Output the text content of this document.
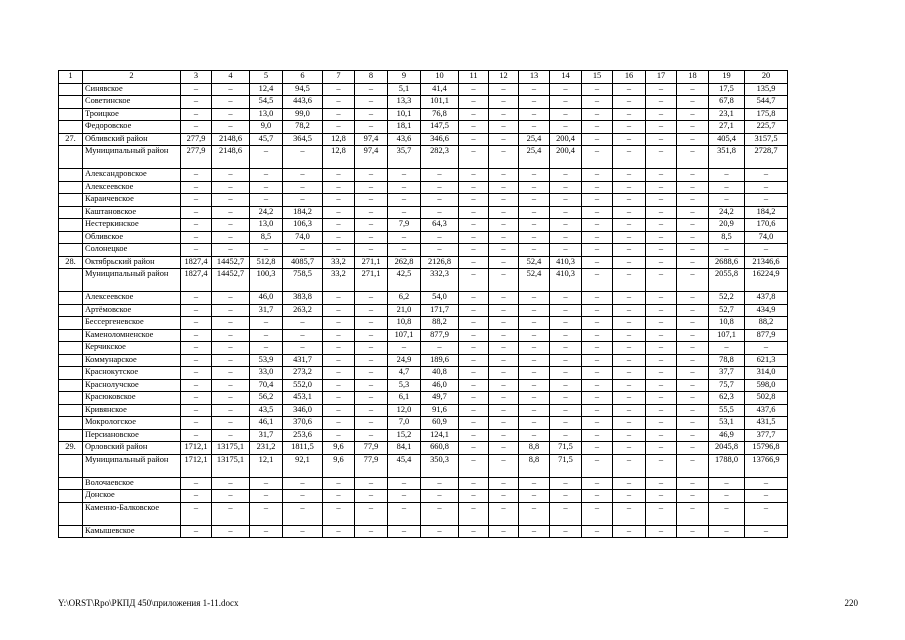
1	2	3	4	5	6	7	8	9	10	11	12	13	14	15	16	17	18	19	20
	Синявское	–	–	12,4	94,5	–	–	5,1	41,4	–	–	–	–	–	–	–	–	17,5	135,9
	Советинское	–	–	54,5	443,6	–	–	13,3	101,1	–	–	–	–	–	–	–	–	67,8	544,7
	Троицкое	–	–	13,0	99,0	–	–	10,1	76,8	–	–	–	–	–	–	–	–	23,1	175,8
	Федоровское	–	–	9,0	78,2	–	–	18,1	147,5	–	–	–	–	–	–	–	–	27,1	225,7
27.	Обливский район	277,9	2148,6	45,7	364,5	12,8	97,4	43,6	346,6	–	–	25,4	200,4	–	–	–	–	405,4	3157,5
	Муниципальный район	277,9	2148,6	–	–	12,8	97,4	35,7	282,3	–	–	25,4	200,4	–	–	–	–	351,8	2728,7
	Александровское	–	–	–	–	–	–	–	–	–	–	–	–	–	–	–	–	–	–
	Алексеевское	–	–	–	–	–	–	–	–	–	–	–	–	–	–	–	–	–	–
	Караичевское	–	–	–	–	–	–	–	–	–	–	–	–	–	–	–	–	–	–
	Каштановское	–	–	24,2	184,2	–	–	–	–	–	–	–	–	–	–	–	–	24,2	184,2
	Нестеркинское	–	–	13,0	106,3	–	–	7,9	64,3	–	–	–	–	–	–	–	–	20,9	170,6
	Обливское	–	–	8,5	74,0	–	–	–	–	–	–	–	–	–	–	–	–	8,5	74,0
	Солонецкое	–	–	–	–	–	–	–	–	–	–	–	–	–	–	–	–	–	–
28.	Октябрьский район	1827,4	14452,7	512,8	4085,7	33,2	271,1	262,8	2126,8	–	–	52,4	410,3	–	–	–	–	2688,6	21346,6
	Муниципальный район	1827,4	14452,7	100,3	758,5	33,2	271,1	42,5	332,3	–	–	52,4	410,3	–	–	–	–	2055,8	16224,9
	Алексеевское	–	–	46,0	383,8	–	–	6,2	54,0	–	–	–	–	–	–	–	–	52,2	437,8
	Артёмовское	–	–	31,7	263,2	–	–	21,0	171,7	–	–	–	–	–	–	–	–	52,7	434,9
	Бессергеневское	–	–	–	–	–	–	10,8	88,2	–	–	–	–	–	–	–	–	10,8	88,2
	Каменоломненское	–	–	–	–	–	–	107,1	877,9	–	–	–	–	–	–	–	–	107,1	877,9
	Керчикское	–	–	–	–	–	–	–	–	–	–	–	–	–	–	–	–	–	–
	Коммунарское	–	–	53,9	431,7	–	–	24,9	189,6	–	–	–	–	–	–	–	–	78,8	621,3
	Краснокутское	–	–	33,0	273,2	–	–	4,7	40,8	–	–	–	–	–	–	–	–	37,7	314,0
	Краснолучское	–	–	70,4	552,0	–	–	5,3	46,0	–	–	–	–	–	–	–	–	75,7	598,0
	Красюковское	–	–	56,2	453,1	–	–	6,1	49,7	–	–	–	–	–	–	–	–	62,3	502,8
	Кривянское	–	–	43,5	346,0	–	–	12,0	91,6	–	–	–	–	–	–	–	–	55,5	437,6
	Мокрологское	–	–	46,1	370,6	–	–	7,0	60,9	–	–	–	–	–	–	–	–	53,1	431,5
	Персиановское	–	–	31,7	253,6	–	–	15,2	124,1	–	–	–	–	–	–	–	–	46,9	377,7
29.	Орловский район	1712,1	13175,1	231,2	1811,5	9,6	77,9	84,1	660,8	–	–	8,8	71,5	–	–	–	–	2045,8	15796,8
	Муниципальный район	1712,1	13175,1	12,1	92,1	9,6	77,9	45,4	350,3	–	–	8,8	71,5	–	–	–	–	1788,0	13766,9
	Волочаевское	–	–	–	–	–	–	–	–	–	–	–	–	–	–	–	–	–	–
	Донское	–	–	–	–	–	–	–	–	–	–	–	–	–	–	–	–	–	–
	Каменно-Балковское	–	–	–	–	–	–	–	–	–	–	–	–	–	–	–	–	–	–
	Камышевское	–	–	–	–	–	–	–	–	–	–	–	–	–	–	–	–	–	–
Y:\ORST\Rpo\РКПД 450\приложения 1-11.docx	220
